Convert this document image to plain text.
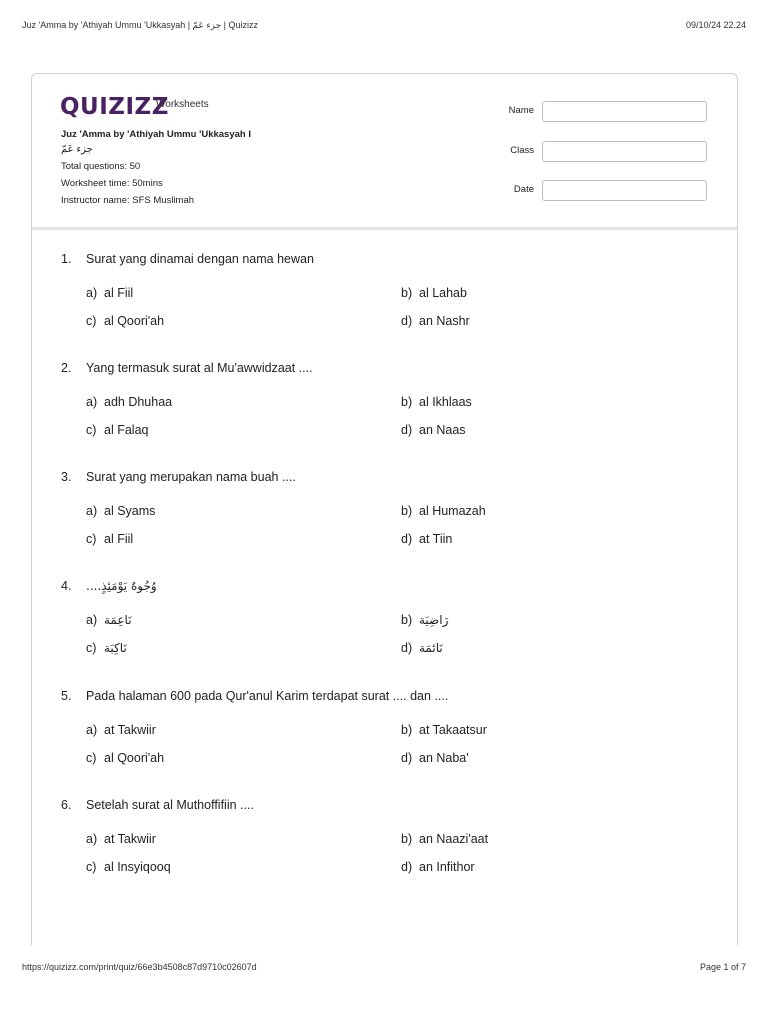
Juz 'Amma by 'Athiyah Ummu 'Ukkasyah | جزء عَمّ | Quizizz	09/10/24 22.24
QUIZIZZ
Worksheets
Juz 'Amma by 'Athiyah Ummu 'Ukkasyah I
جزء عَمّ
Total questions: 50
Worksheet time: 50mins
Instructor name: SFS Muslimah
Name
Class
Date
1. Surat yang dinamai dengan nama hewan
a) al Fiil	b) al Lahab
c) al Qoori'ah	d) an Nashr
2. Yang termasuk surat al Mu'awwidzaat ....
a) adh Dhuhaa	b) al Ikhlaas
c) al Falaq	d) an Naas
3. Surat yang merupakan nama buah ....
a) al Syams	b) al Humazah
c) al Fiil	d) at Tiin
4. وُجُوهٌ يَوْمَئِذٍ....
a) نَاعِمَة	b) رَاضِيَة
c) نَاكِبَة	d) نَائمَة
5. Pada halaman 600 pada Qur'anul Karim terdapat surat .... dan ....
a) at Takwiir	b) at Takaatsur
c) al Qoori'ah	d) an Naba'
6. Setelah surat al Muthoffifiin ....
a) at Takwiir	b) an Naazi'aat
c) al Insyiqooq	d) an Infithor
https://quizizz.com/print/quiz/66e3b4508c87d9710c02607d	Page 1 of 7
